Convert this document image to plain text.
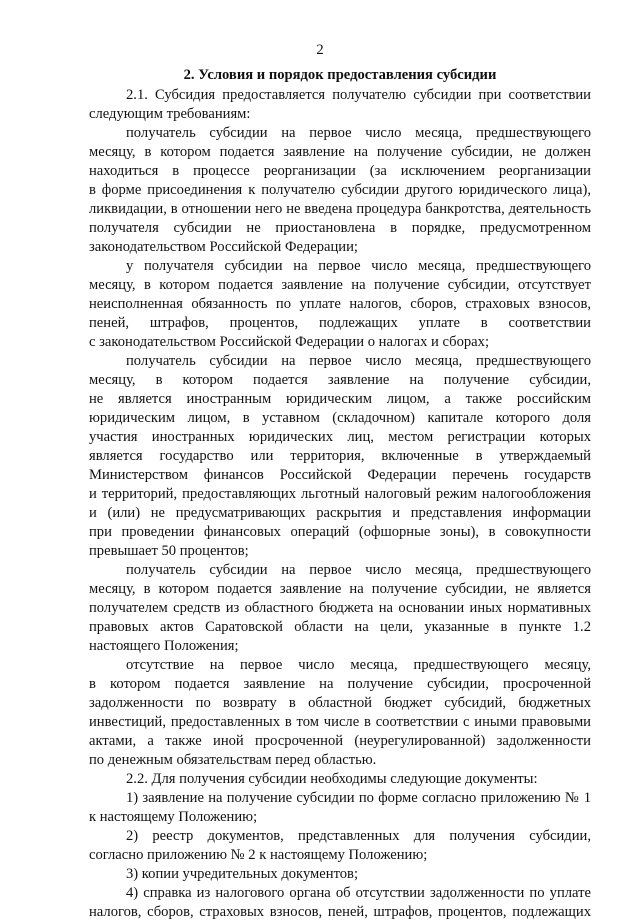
2
2. Условия и порядок предоставления субсидии
2.1. Субсидия предоставляется получателю субсидии при соответствии
следующим требованиям:
получатель субсидии на первое число месяца, предшествующего
месяцу, в котором подается заявление на получение субсидии, не должен
находиться в процессе реорганизации (за исключением реорганизации
в форме присоединения к получателю субсидии другого юридического лица),
ликвидации, в отношении него не введена процедура банкротства, деятельность
получателя субсидии не приостановлена в порядке, предусмотренном
законодательством Российской Федерации;
у получателя субсидии на первое число месяца, предшествующего
месяцу, в котором подается заявление на получение субсидии, отсутствует
неисполненная обязанность по уплате налогов, сборов, страховых взносов,
пеней, штрафов, процентов, подлежащих уплате в соответствии
с законодательством Российской Федерации о налогах и сборах;
получатель субсидии на первое число месяца, предшествующего
месяцу, в котором подается заявление на получение субсидии,
не является иностранным юридическим лицом, а также российским
юридическим лицом, в уставном (складочном) капитале которого доля
участия иностранных юридических лиц, местом регистрации которых
является государство или территория, включенные в утверждаемый
Министерством финансов Российской Федерации перечень государств
и территорий, предоставляющих льготный налоговый режим налогообложения
и (или) не предусматривающих раскрытия и представления информации
при проведении финансовых операций (офшорные зоны), в совокупности
превышает 50 процентов;
получатель субсидии на первое число месяца, предшествующего
месяцу, в котором подается заявление на получение субсидии, не является
получателем средств из областного бюджета на основании иных нормативных
правовых актов Саратовской области на цели, указанные в пункте 1.2
настоящего Положения;
отсутствие на первое число месяца, предшествующего месяцу,
в котором подается заявление на получение субсидии, просроченной
задолженности по возврату в областной бюджет субсидий, бюджетных
инвестиций, предоставленных в том числе в соответствии с иными правовыми
актами, а также иной просроченной (неурегулированной) задолженности
по денежным обязательствам перед областью.
2.2. Для получения субсидии необходимы следующие документы:
1) заявление на получение субсидии по форме согласно приложению № 1
к настоящему Положению;
2) реестр документов, представленных для получения субсидии,
согласно приложению № 2 к настоящему Положению;
3) копии учредительных документов;
4) справка из налогового органа об отсутствии задолженности по уплате
налогов, сборов, страховых взносов, пеней, штрафов, процентов, подлежащих
